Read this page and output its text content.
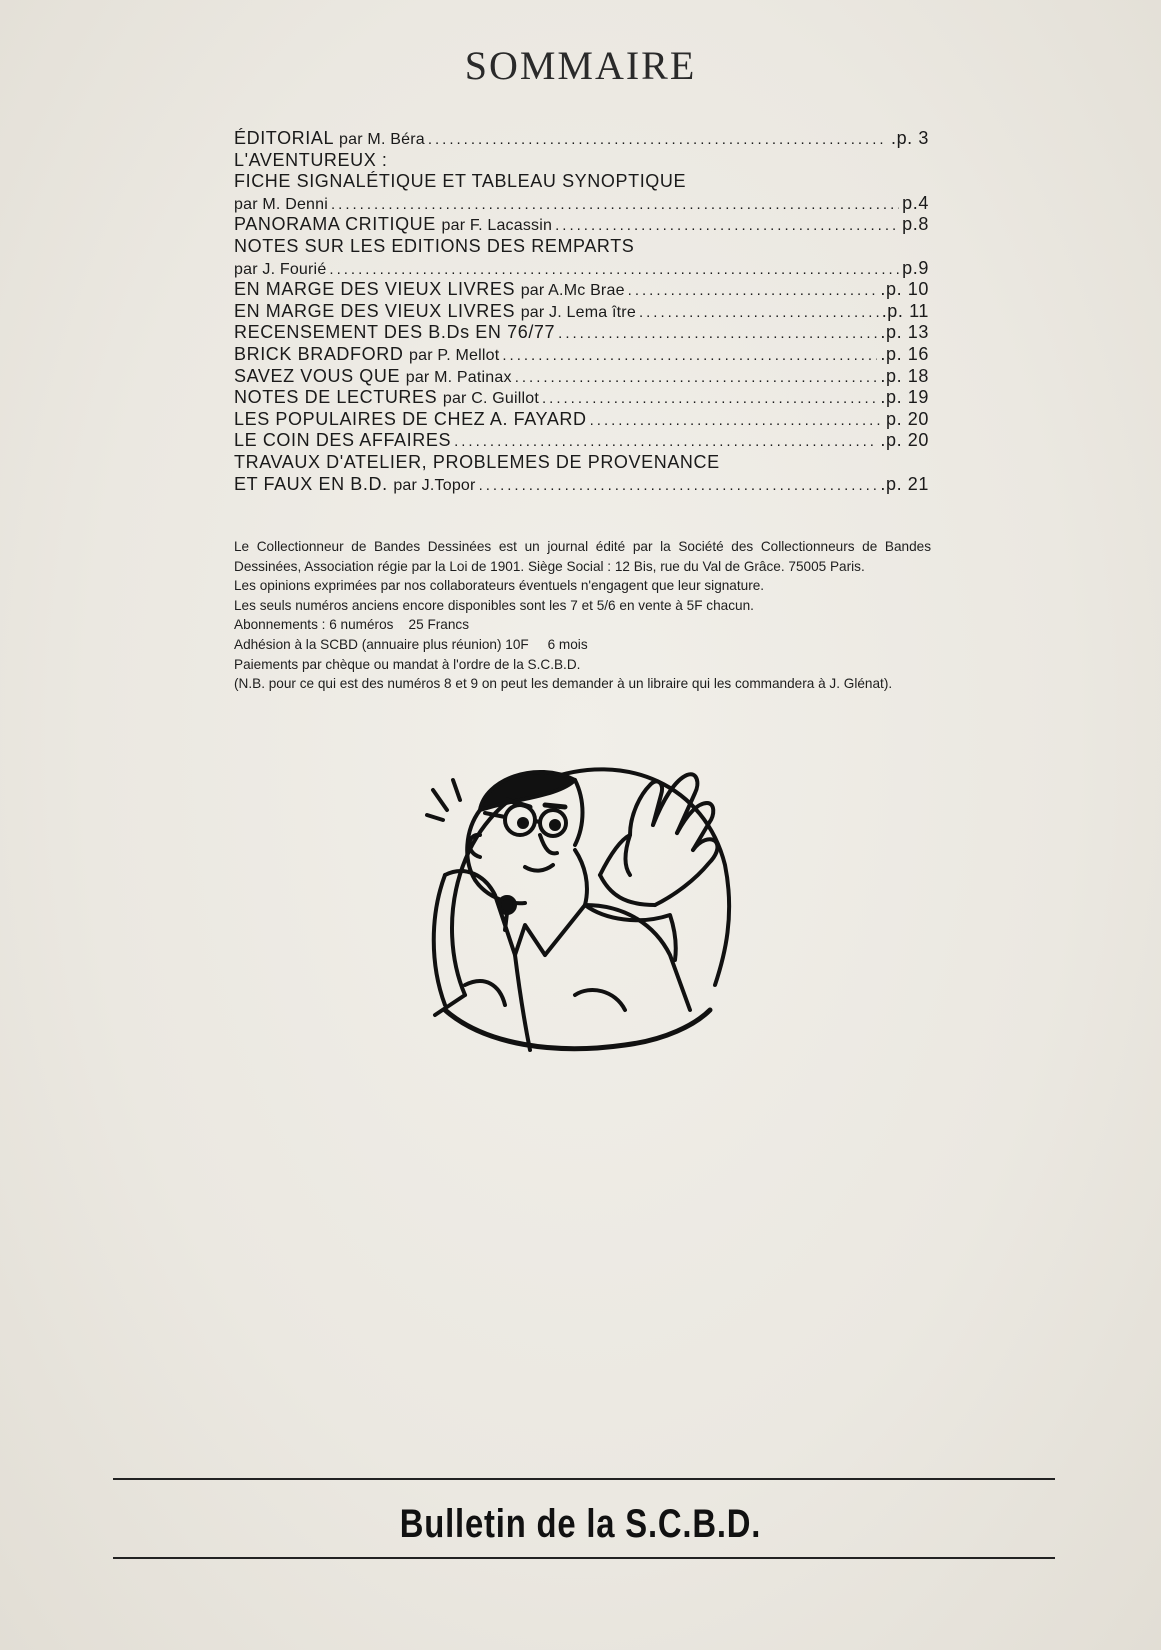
SOMMAIRE
ÉDITORIAL par M. Béra .....	.p. 3
L'AVENTUREUX :
FICHE SIGNALÉTIQUE ET TABLEAU SYNOPTIQUE
par M. Denni .....	p.4
PANORAMA CRITIQUE par F. Lacassin .....	p.8
NOTES SUR LES EDITIONS DES REMPARTS
par J. Fourié .....	p.9
EN MARGE DES VIEUX LIVRES par A.Mc Brae .....	.p. 10
EN MARGE DES VIEUX LIVRES par J. Lema ître .....	.p. 11
RECENSEMENT DES B.Ds EN 76/77 .....	.p. 13
BRICK BRADFORD par P. Mellot .....	.p. 16
SAVEZ VOUS QUE par M. Patinax .....	.p. 18
NOTES DE LECTURES par C. Guillot .....	.p. 19
LES POPULAIRES DE CHEZ A. FAYARD .....	p. 20
LE COIN DES AFFAIRES .....	.p. 20
TRAVAUX D'ATELIER, PROBLEMES DE PROVENANCE
ET FAUX EN B.D. par J.Topor .....	.p. 21

Le Collectionneur de Bandes Dessinées est un journal édité par la Société des Collectionneurs de Bandes Dessinées, Association régie par la Loi de 1901. Siège Social : 12 Bis, rue du Val de Grâce. 75005 Paris.

Les opinions exprimées par nos collaborateurs éventuels n'engagent que leur signature.

Les seuls numéros anciens encore disponibles sont les 7 et 5/6 en vente à 5F chacun.

Abonnements : 6 numéros    25 Francs

Adhésion à la SCBD (annuaire plus réunion) 10F     6 mois

Paiements par chèque ou mandat à l'ordre de la S.C.B.D.

(N.B. pour ce qui est des numéros 8 et 9 on peut les demander à un libraire qui les commandera à J. Glénat).

Bulletin de la S.C.B.D.
